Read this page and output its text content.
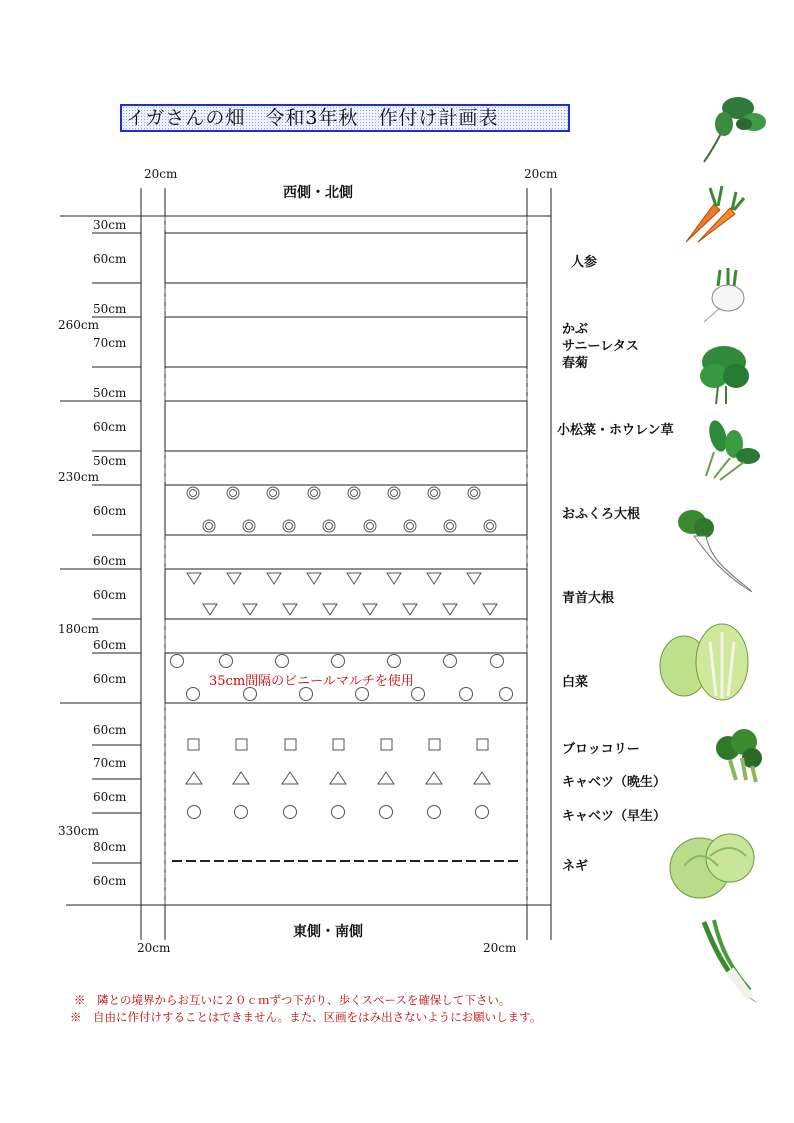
イガさんの畑　令和3年秋　作付け計画表
20cm	20cm
20cm	20cm
西側・北側
東側・南側
30cm
60cm
50cm
70cm
50cm
60cm
50cm
60cm
60cm
60cm
60cm
60cm
60cm
70cm
60cm
80cm
60cm
260cm
230cm
180cm
330cm
人参
かぶ
サニーレタス
春菊
小松菜・ホウレン草
おふくろ大根
青首大根
白菜
ブロッコリー
キャベツ（晩生）
キャベツ（早生）
ネギ
35cm間隔のビニールマルチを使用
※　隣との境界からお互いに２０ｃｍずつ下がり、歩くスペースを確保して下さい。
※　自由に作付けすることはできません。また、区画をはみ出さないようにお願いします。
